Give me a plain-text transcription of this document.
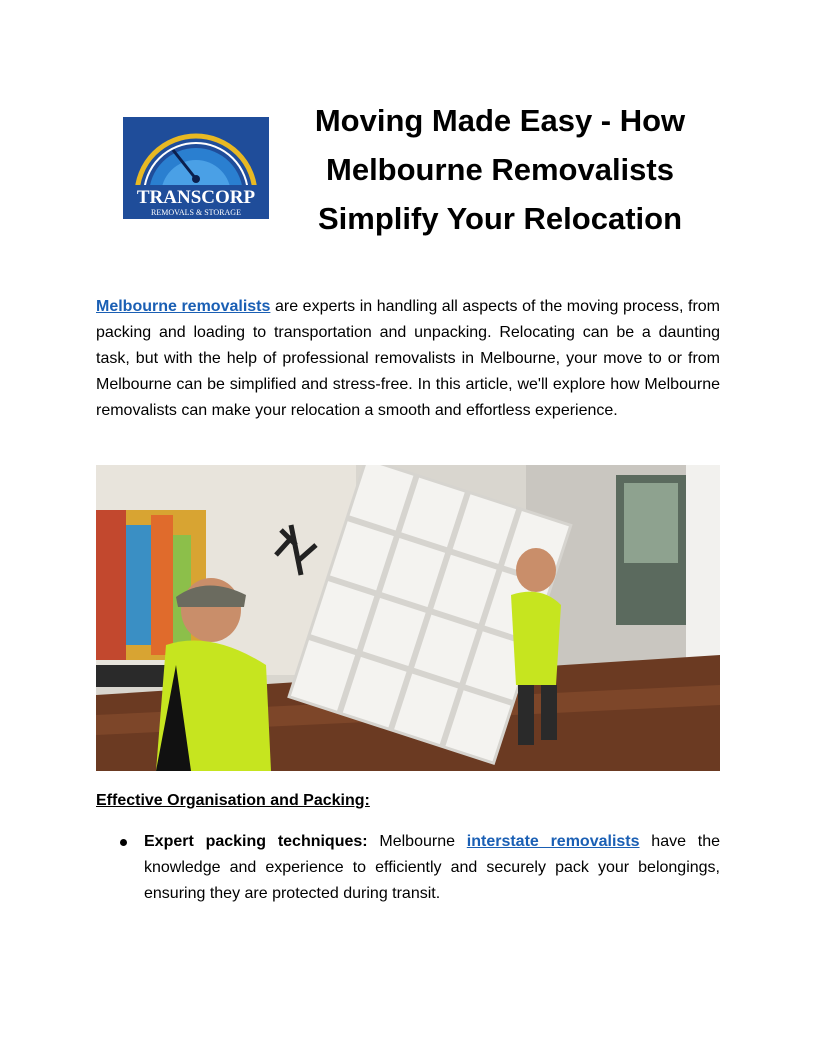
TRANSCORP
REMOVALS & STORAGE
Moving Made Easy - How
Melbourne Removalists
Simplify Your Relocation

Melbourne removalists are experts in handling all aspects of the moving process, from packing and loading to transportation and unpacking. Relocating can be a daunting task, but with the help of professional removalists in Melbourne, your move to or from Melbourne can be simplified and stress-free. In this article, we'll explore how Melbourne removalists can make your relocation a smooth and effortless experience.

Effective Organisation and Packing:
Expert packing techniques: Melbourne interstate removalists have the knowledge and experience to efficiently and securely pack your belongings, ensuring they are protected during transit.
